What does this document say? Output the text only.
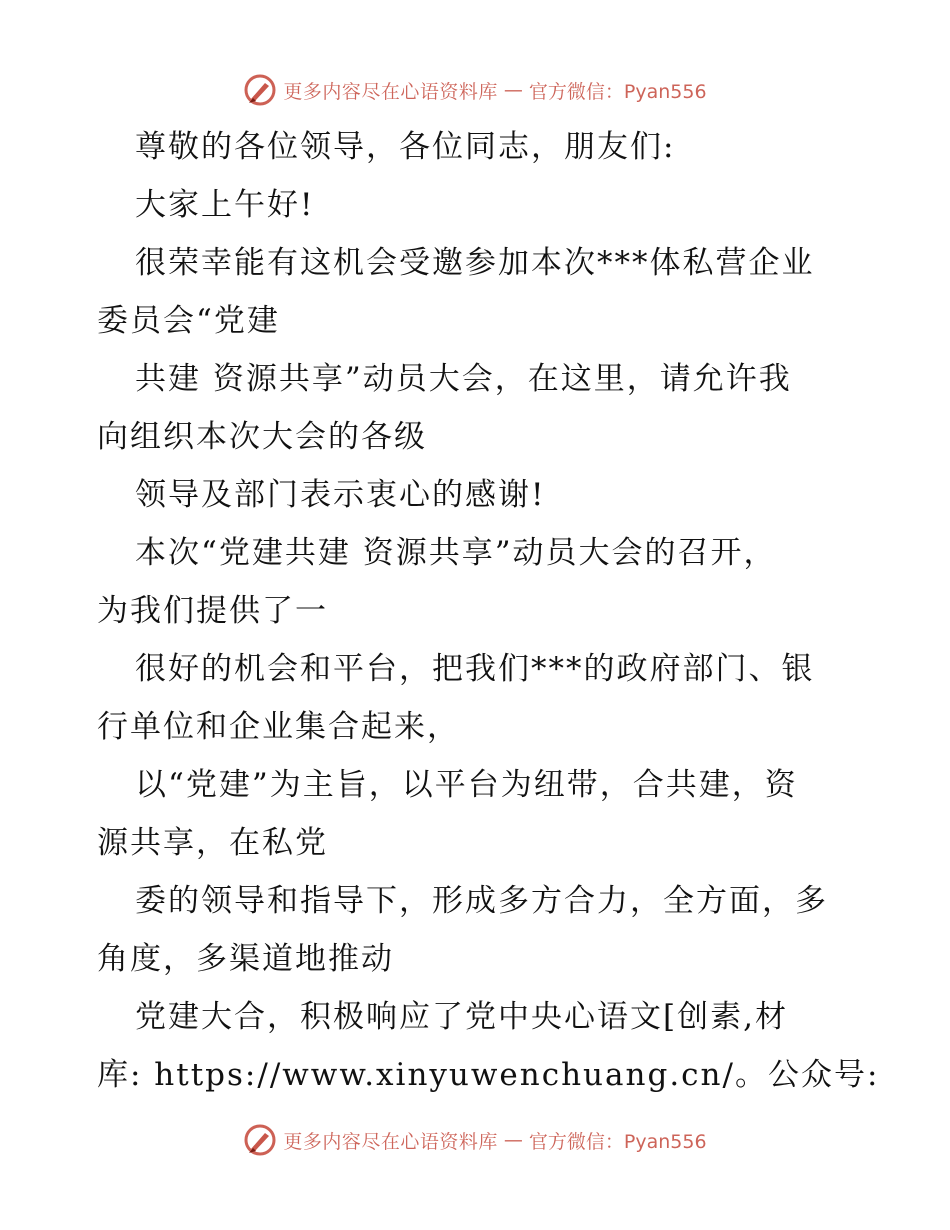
更多内容尽在心语资料库 — 官方微信：Pyan556
尊敬的各位领导，各位同志，朋友们:
大家上午好!
很荣幸能有这机会受邀参加本次***体私营企业
委员会“党建
共建 资源共享”动员大会，在这里，请允许我
向组织本次大会的各级
领导及部门表示衷心的感谢!
本次“党建共建 资源共享”动员大会的召开，
为我们提供了一
很好的机会和平台，把我们***的政府部门、银
行单位和企业集合起来，
以“党建”为主旨，以平台为纽带，合共建，资
源共享，在私党
委的领导和指导下，形成多方合力，全方面，多
角度，多渠道地推动
党建大合，积极响应了党中央心语文[创素,材
库: https://www.xinyuwenchuang.cn/。公众号:
更多内容尽在心语资料库 — 官方微信：Pyan556
